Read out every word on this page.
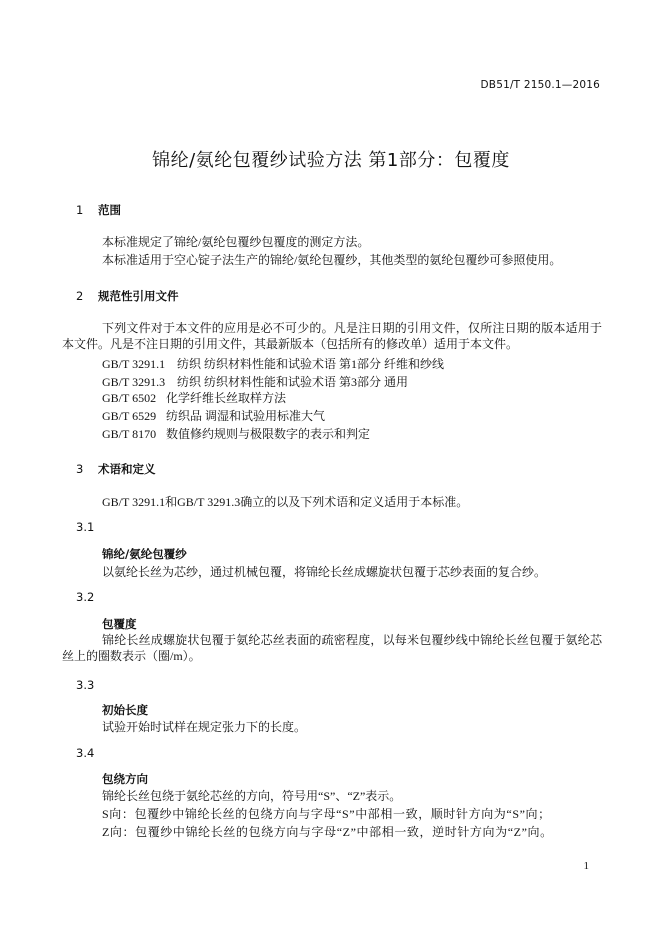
DB51/T 2150.1—2016
锦纶/氨纶包覆纱试验方法 第1部分：包覆度
1 范围
本标准规定了锦纶/氨纶包覆纱包覆度的测定方法。
本标准适用于空心锭子法生产的锦纶/氨纶包覆纱，其他类型的氨纶包覆纱可参照使用。
2 规范性引用文件
下列文件对于本文件的应用是必不可少的。凡是注日期的引用文件，仅所注日期的版本适用于本文件。凡是不注日期的引用文件，其最新版本（包括所有的修改单）适用于本文件。
GB/T 3291.1 纺织 纺织材料性能和试验术语 第1部分 纤维和纱线
GB/T 3291.3 纺织 纺织材料性能和试验术语 第3部分 通用
GB/T 6502 化学纤维长丝取样方法
GB/T 6529 纺织品 调湿和试验用标准大气
GB/T 8170 数值修约规则与极限数字的表示和判定
3 术语和定义
GB/T 3291.1和GB/T 3291.3确立的以及下列术语和定义适用于本标准。
3.1
锦纶/氨纶包覆纱
以氨纶长丝为芯纱，通过机械包覆，将锦纶长丝成螺旋状包覆于芯纱表面的复合纱。
3.2
包覆度
锦纶长丝成螺旋状包覆于氨纶芯丝表面的疏密程度，以每米包覆纱线中锦纶长丝包覆于氨纶芯丝上的圈数表示（圈/m）。
3.3
初始长度
试验开始时试样在规定张力下的长度。
3.4
包绕方向
锦纶长丝包绕于氨纶芯丝的方向，符号用“S”、“Z”表示。
S向：包覆纱中锦纶长丝的包绕方向与字母“S”中部相一致，顺时针方向为“S”向；
Z向：包覆纱中锦纶长丝的包绕方向与字母“Z”中部相一致，逆时针方向为“Z”向。
1
